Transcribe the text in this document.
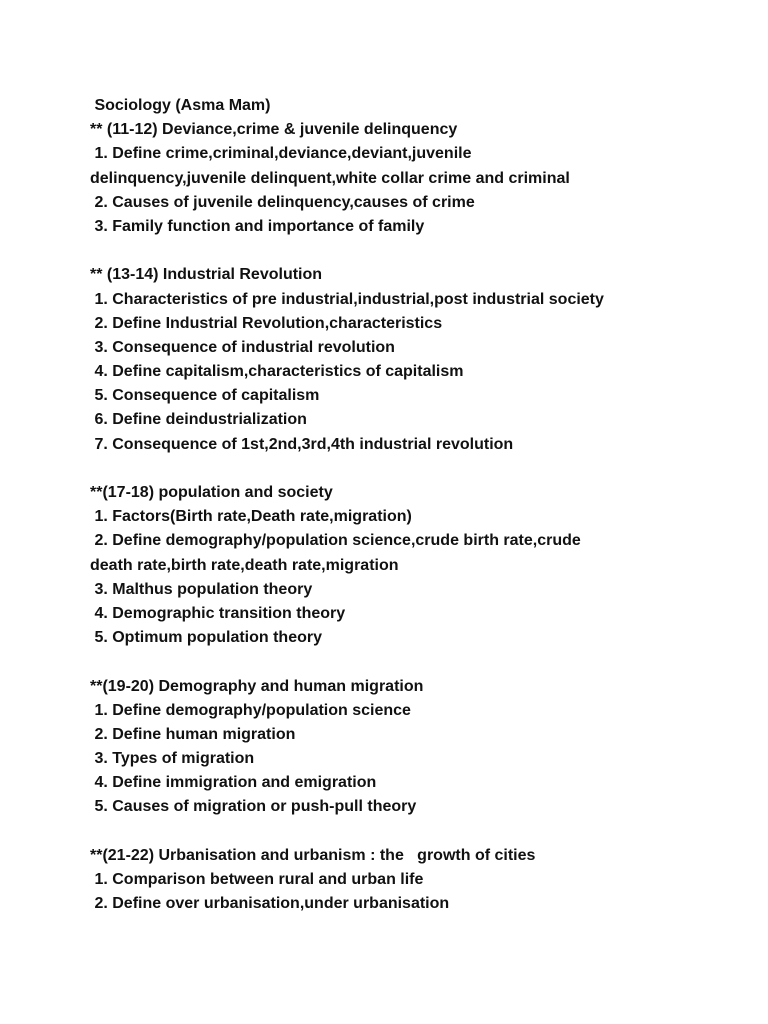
Sociology (Asma Mam)
** (11-12) Deviance,crime & juvenile delinquency
1. Define crime,criminal,deviance,deviant,juvenile
delinquency,juvenile delinquent,white collar crime and criminal
2. Causes of juvenile delinquency,causes of crime
3. Family function and importance of family
** (13-14) Industrial Revolution
1. Characteristics of pre industrial,industrial,post industrial society
2. Define Industrial Revolution,characteristics
3. Consequence of industrial revolution
4. Define capitalism,characteristics of capitalism
5. Consequence of capitalism
6. Define deindustrialization
7. Consequence of 1st,2nd,3rd,4th industrial revolution
**(17-18) population and society
1. Factors(Birth rate,Death rate,migration)
2. Define demography/population science,crude birth rate,crude
death rate,birth rate,death rate,migration
3. Malthus population theory
4. Demographic transition theory
5. Optimum population theory
**(19-20) Demography and human migration
1. Define demography/population science
2. Define human migration
3. Types of migration
4. Define immigration and emigration
5. Causes of migration or push-pull theory
**(21-22) Urbanisation and urbanism : the   growth of cities
1. Comparison between rural and urban life
2. Define over urbanisation,under urbanisation
